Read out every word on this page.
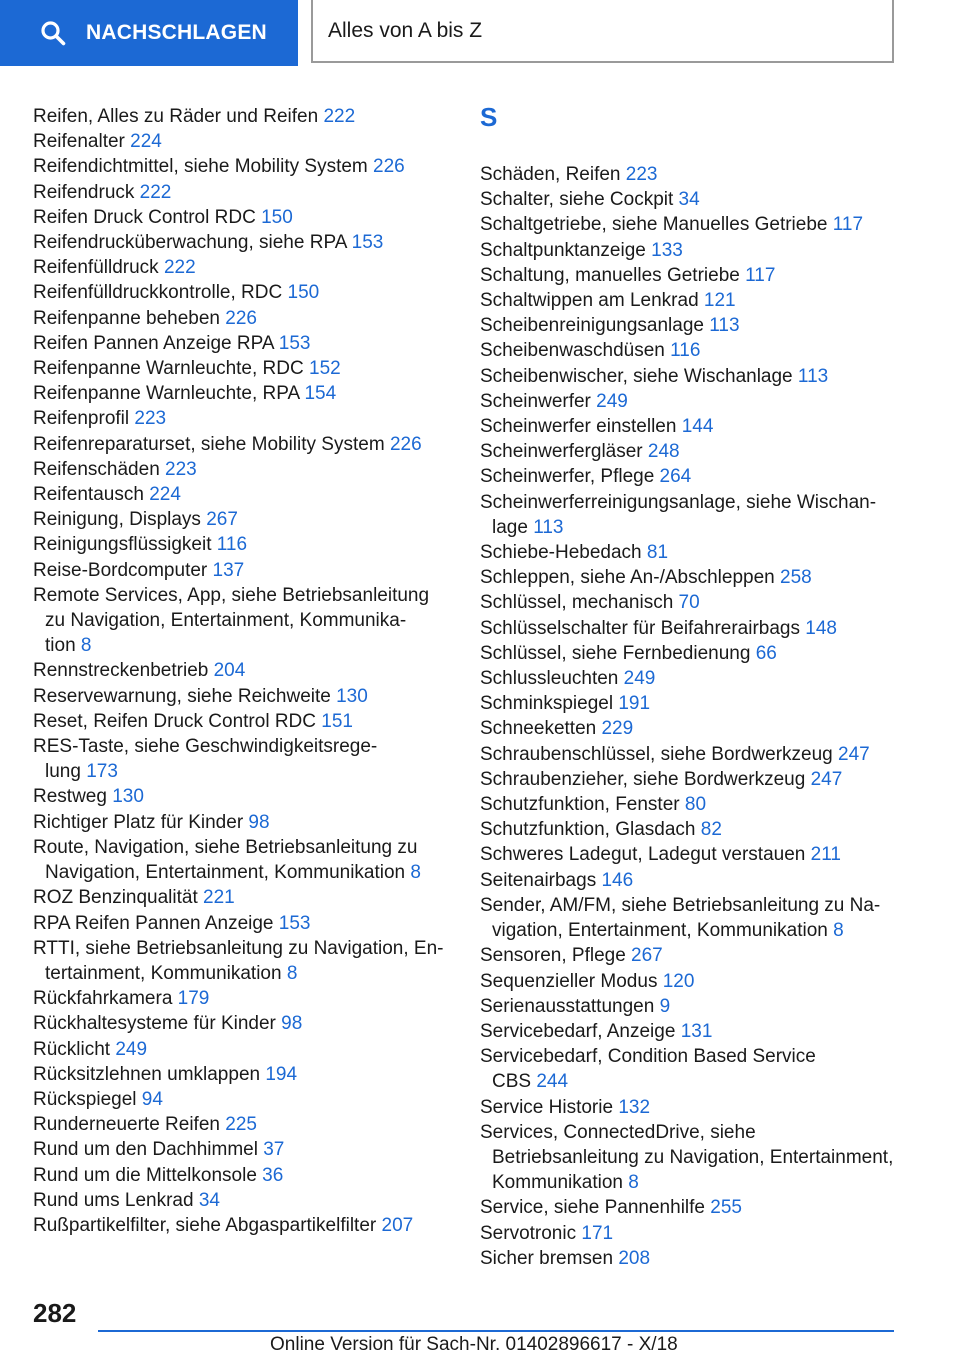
NACHSCHLAGEN	Alles von A bis Z
Reifen, Alles zu Räder und Reifen 222
Reifenalter 224
Reifendichtmittel, siehe Mobility System 226
Reifendruck 222
Reifen Druck Control RDC 150
Reifendrucküberwachung, siehe RPA 153
Reifenfülldruck 222
Reifenfülldruckkontrolle, RDC 150
Reifenpanne beheben 226
Reifen Pannen Anzeige RPA 153
Reifenpanne Warnleuchte, RDC 152
Reifenpanne Warnleuchte, RPA 154
Reifenprofil 223
Reifenreparaturset, siehe Mobility System 226
Reifenschäden 223
Reifentausch 224
Reinigung, Displays 267
Reinigungsflüssigkeit 116
Reise-Bordcomputer 137
Remote Services, App, siehe Betriebsanleitung
zu Navigation, Entertainment, Kommunika-
tion 8
Rennstreckenbetrieb 204
Reservewarnung, siehe Reichweite 130
Reset, Reifen Druck Control RDC 151
RES-Taste, siehe Geschwindigkeitsrege-
lung 173
Restweg 130
Richtiger Platz für Kinder 98
Route, Navigation, siehe Betriebsanleitung zu
Navigation, Entertainment, Kommunikation 8
ROZ Benzinqualität 221
RPA Reifen Pannen Anzeige 153
RTTI, siehe Betriebsanleitung zu Navigation, En-
tertainment, Kommunikation 8
Rückfahrkamera 179
Rückhaltesysteme für Kinder 98
Rücklicht 249
Rücksitzlehnen umklappen 194
Rückspiegel 94
Runderneuerte Reifen 225
Rund um den Dachhimmel 37
Rund um die Mittelkonsole 36
Rund ums Lenkrad 34
Rußpartikelfilter, siehe Abgaspartikelfilter 207
S
Schäden, Reifen 223
Schalter, siehe Cockpit 34
Schaltgetriebe, siehe Manuelles Getriebe 117
Schaltpunktanzeige 133
Schaltung, manuelles Getriebe 117
Schaltwippen am Lenkrad 121
Scheibenreinigungsanlage 113
Scheibenwaschdüsen 116
Scheibenwischer, siehe Wischanlage 113
Scheinwerfer 249
Scheinwerfer einstellen 144
Scheinwerfergläser 248
Scheinwerfer, Pflege 264
Scheinwerferreinigungsanlage, siehe Wischan-
lage 113
Schiebe-Hebedach 81
Schleppen, siehe An-/Abschleppen 258
Schlüssel, mechanisch 70
Schlüsselschalter für Beifahrerairbags 148
Schlüssel, siehe Fernbedienung 66
Schlussleuchten 249
Schminkspiegel 191
Schneeketten 229
Schraubenschlüssel, siehe Bordwerkzeug 247
Schraubenzieher, siehe Bordwerkzeug 247
Schutzfunktion, Fenster 80
Schutzfunktion, Glasdach 82
Schweres Ladegut, Ladegut verstauen 211
Seitenairbags 146
Sender, AM/FM, siehe Betriebsanleitung zu Na-
vigation, Entertainment, Kommunikation 8
Sensoren, Pflege 267
Sequenzieller Modus 120
Serienausstattungen 9
Servicebedarf, Anzeige 131
Servicebedarf, Condition Based Service
CBS 244
Service Historie 132
Services, ConnectedDrive, siehe
Betriebsanleitung zu Navigation, Entertainment,
Kommunikation 8
Service, siehe Pannenhilfe 255
Servotronic 171
Sicher bremsen 208
282
Online Version für Sach-Nr. 01402896617 - X/18
